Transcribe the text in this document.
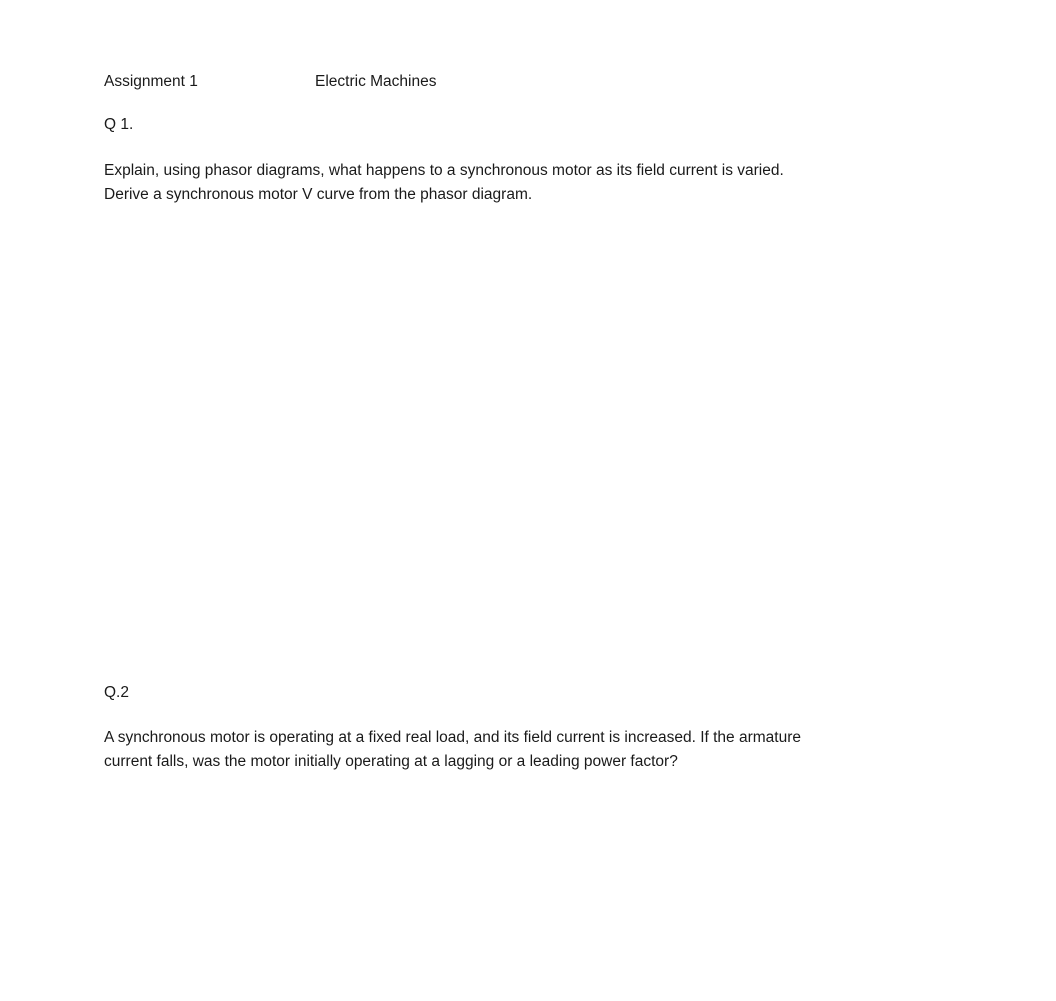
Assignment 1	Electric Machines
Q 1.
Explain, using phasor diagrams, what happens to a synchronous motor as its field current is varied.
Derive a synchronous motor V curve from the phasor diagram.
Q.2
A synchronous motor is operating at a fixed real load, and its field current is increased. If the armature
current falls, was the motor initially operating at a lagging or a leading power factor?
